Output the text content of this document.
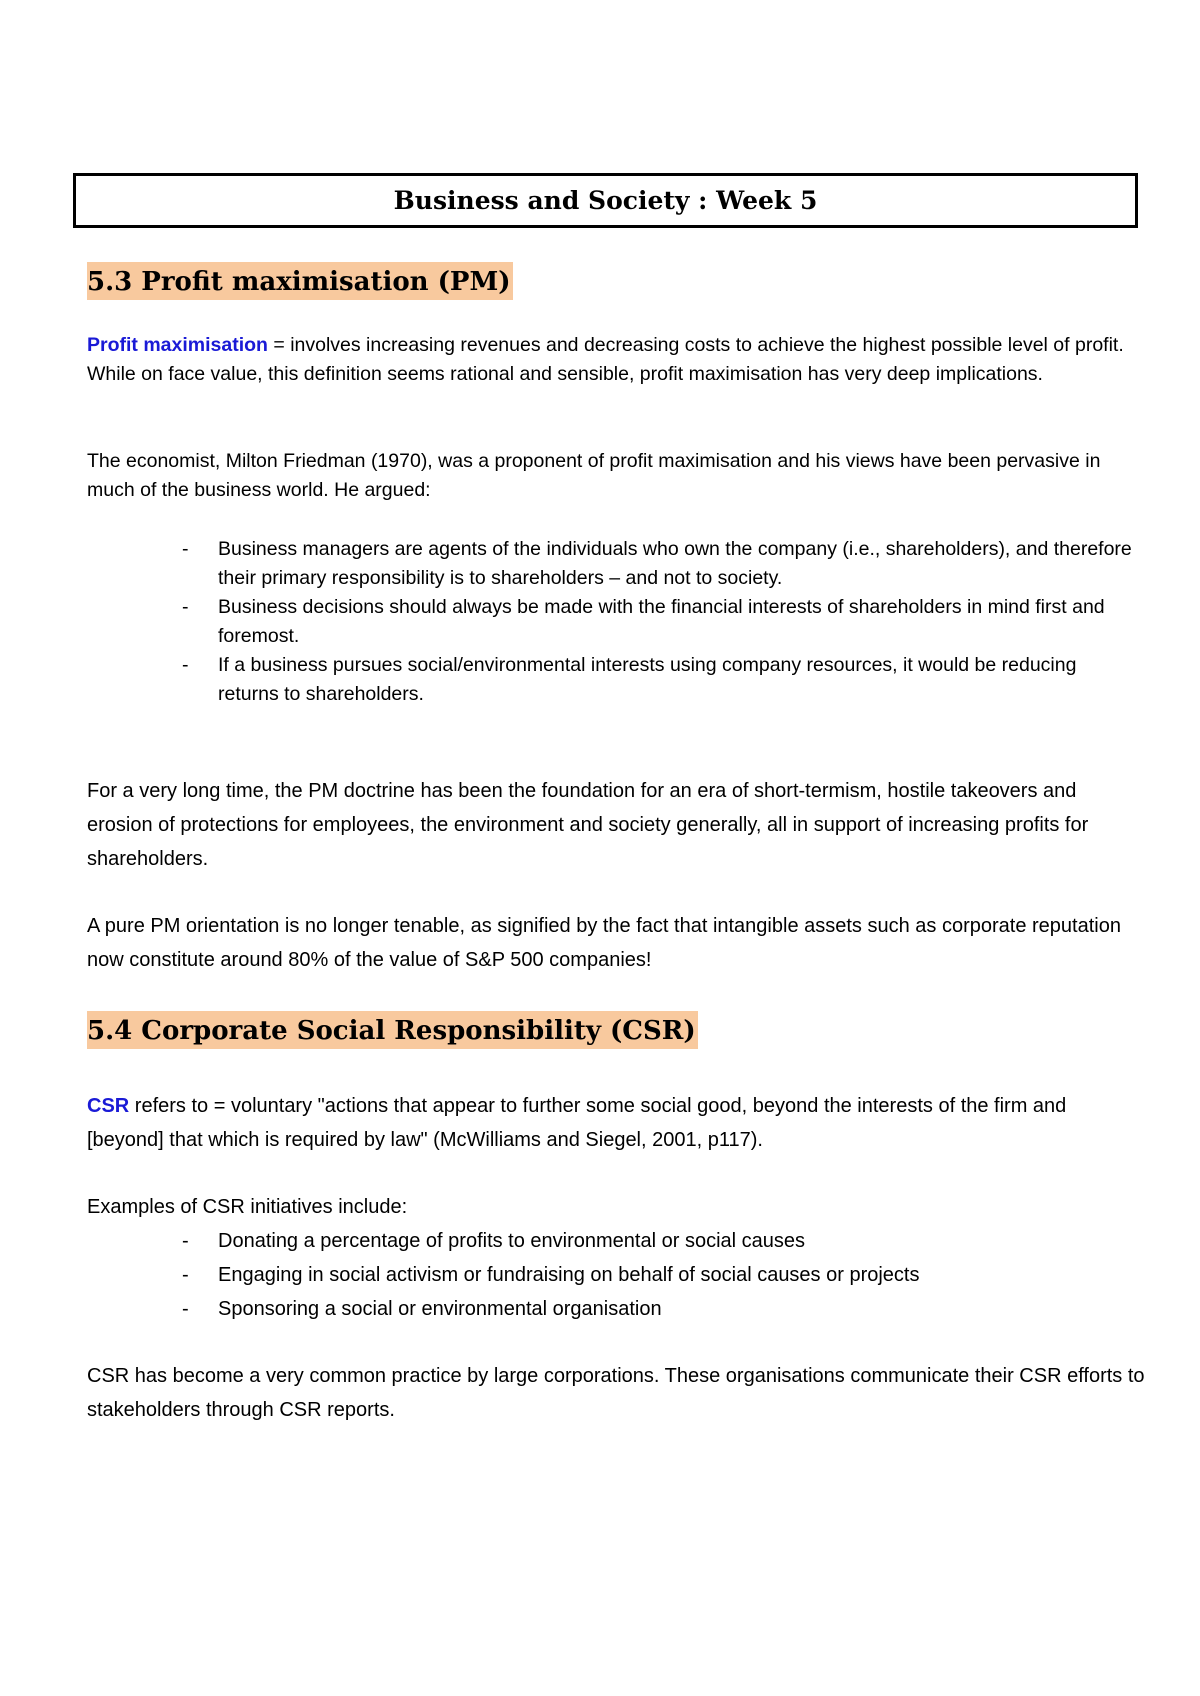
Business and Society : Week 5
5.3 Profit maximisation (PM)
Profit maximisation = involves increasing revenues and decreasing costs to achieve the highest possible level of profit. While on face value, this definition seems rational and sensible, profit maximisation has very deep implications.
The economist, Milton Friedman (1970), was a proponent of profit maximisation and his views have been pervasive in much of the business world. He argued:
- Business managers are agents of the individuals who own the company (i.e., shareholders), and therefore their primary responsibility is to shareholders – and not to society.
- Business decisions should always be made with the financial interests of shareholders in mind first and foremost.
- If a business pursues social/environmental interests using company resources, it would be reducing returns to shareholders.
For a very long time, the PM doctrine has been the foundation for an era of short-termism, hostile takeovers and erosion of protections for employees, the environment and society generally, all in support of increasing profits for shareholders.
A pure PM orientation is no longer tenable, as signified by the fact that intangible assets such as corporate reputation now constitute around 80% of the value of S&P 500 companies!
5.4 Corporate Social Responsibility (CSR)
CSR refers to = voluntary "actions that appear to further some social good, beyond the interests of the firm and [beyond] that which is required by law" (McWilliams and Siegel, 2001, p117).
Examples of CSR initiatives include:
- Donating a percentage of profits to environmental or social causes
- Engaging in social activism or fundraising on behalf of social causes or projects
- Sponsoring a social or environmental organisation
CSR has become a very common practice by large corporations. These organisations communicate their CSR efforts to stakeholders through CSR reports.
